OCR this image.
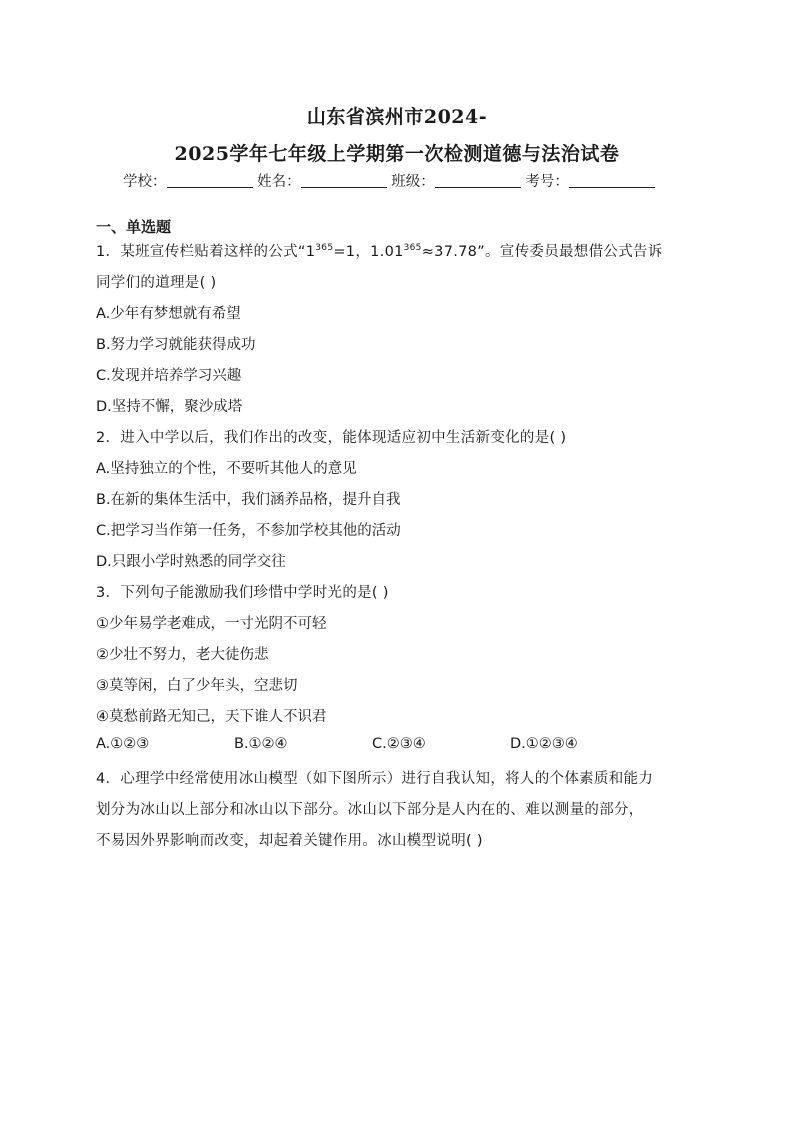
山东省滨州市2024-
2025学年七年级上学期第一次检测道德与法治试卷
学校：	姓名：	班级：	考号：
一、单选题
1．某班宣传栏贴着这样的公式“$1^{365}=1$，$1.01^{365}\approx 37.78$”。宣传委员最想借公式告诉
同学们的道理是( )
A.少年有梦想就有希望
B.努力学习就能获得成功
C.发现并培养学习兴趣
D.坚持不懈，聚沙成塔
2．进入中学以后，我们作出的改变，能体现适应初中生活新变化的是( )
A.坚持独立的个性，不要听其他人的意见
B.在新的集体生活中，我们涵养品格，提升自我
C.把学习当作第一任务，不参加学校其他的活动
D.只跟小学时熟悉的同学交往
3．下列句子能激励我们珍惜中学时光的是( )
①少年易学老难成，一寸光阴不可轻
②少壮不努力，老大徒伤悲
③莫等闲，白了少年头，空悲切
④莫愁前路无知己，天下谁人不识君
A.①②③	B.①②④	C.②③④	D.①②③④
4．心理学中经常使用冰山模型（如下图所示）进行自我认知，将人的个体素质和能力
划分为冰山以上部分和冰山以下部分。冰山以下部分是人内在的、难以测量的部分，
不易因外界影响而改变，却起着关键作用。冰山模型说明( )
